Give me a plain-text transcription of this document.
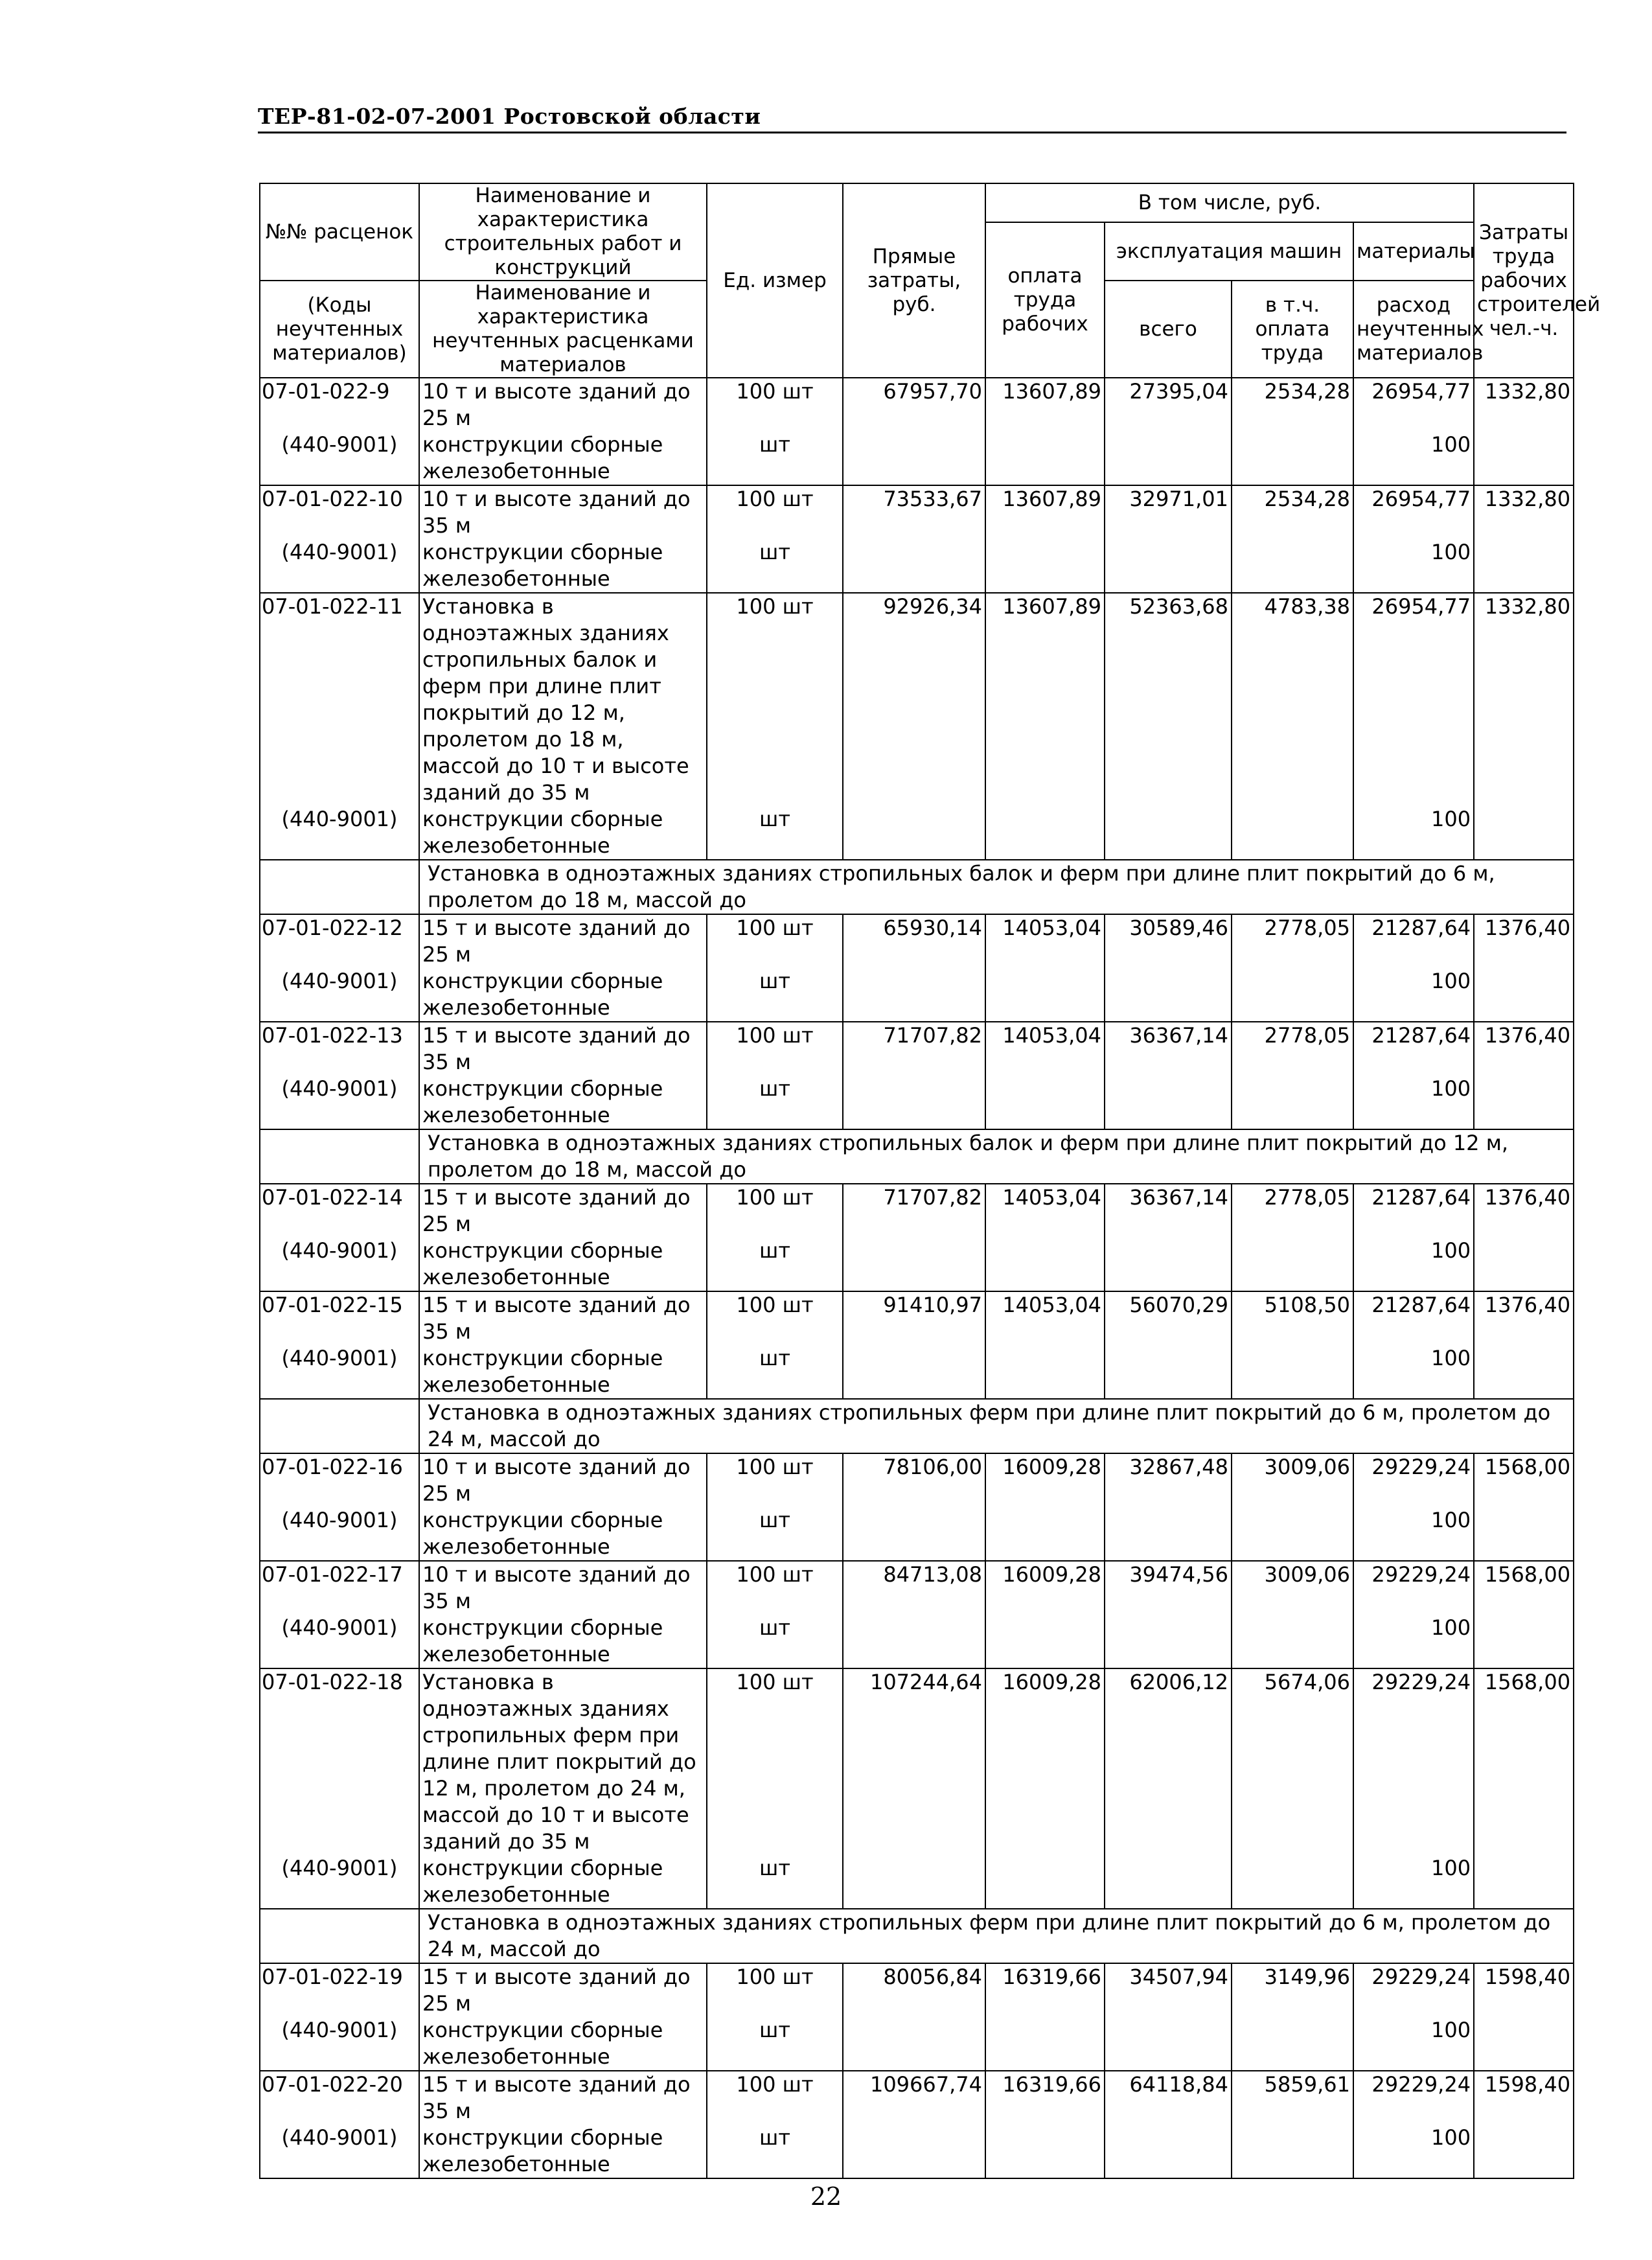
ТЕР-81-02-07-2001 Ростовской области
№№ расценок	Наименование и характеристика строительных работ и конструкций	Ед. измер	Прямые затраты, руб.	В том числе, руб.				Затраты труда рабочих строителей чел.-ч.
				оплата труда рабочих	эксплуатация машин		материалы	
(Коды неучтенных материалов)	Наименование и характеристика неучтенных расценками материалов				всего	в т.ч. оплата труда	расход неучтенных материалов	

07-01-022-9	10 т и высоте зданий до 25 м	100 шт	67957,70	13607,89	27395,04	2534,28	26954,77	1332,80
(440-9001)	конструкции сборные железобетонные	шт					100	
07-01-022-10	10 т и высоте зданий до 35 м	100 шт	73533,67	13607,89	32971,01	2534,28	26954,77	1332,80
(440-9001)	конструкции сборные железобетонные	шт					100	
07-01-022-11	Установка в одноэтажных зданиях стропильных балок и ферм при длине плит покрытий до 12 м, пролетом до 18 м, массой до 10 т и высоте зданий до 35 м	100 шт	92926,34	13607,89	52363,68	4783,38	26954,77	1332,80
(440-9001)	конструкции сборные железобетонные	шт					100	
	Установка в одноэтажных зданиях стропильных балок и ферм при длине плит покрытий до 6 м, пролетом до 18 м, массой до							
07-01-022-12	15 т и высоте зданий до 25 м	100 шт	65930,14	14053,04	30589,46	2778,05	21287,64	1376,40
(440-9001)	конструкции сборные железобетонные	шт					100	
07-01-022-13	15 т и высоте зданий до 35 м	100 шт	71707,82	14053,04	36367,14	2778,05	21287,64	1376,40
(440-9001)	конструкции сборные железобетонные	шт					100	
	Установка в одноэтажных зданиях стропильных балок и ферм при длине плит покрытий до 12 м, пролетом до 18 м, массой до							
07-01-022-14	15 т и высоте зданий до 25 м	100 шт	71707,82	14053,04	36367,14	2778,05	21287,64	1376,40
(440-9001)	конструкции сборные железобетонные	шт					100	
07-01-022-15	15 т и высоте зданий до 35 м	100 шт	91410,97	14053,04	56070,29	5108,50	21287,64	1376,40
(440-9001)	конструкции сборные железобетонные	шт					100	
	Установка в одноэтажных зданиях стропильных ферм при длине плит покрытий до 6 м, пролетом до 24 м, массой до							
07-01-022-16	10 т и высоте зданий до 25 м	100 шт	78106,00	16009,28	32867,48	3009,06	29229,24	1568,00
(440-9001)	конструкции сборные железобетонные	шт					100	
07-01-022-17	10 т и высоте зданий до 35 м	100 шт	84713,08	16009,28	39474,56	3009,06	29229,24	1568,00
(440-9001)	конструкции сборные железобетонные	шт					100	
07-01-022-18	Установка в одноэтажных зданиях стропильных ферм при длине плит покрытий до 12 м, пролетом до 24 м, массой до 10 т и высоте зданий до 35 м	100 шт	107244,64	16009,28	62006,12	5674,06	29229,24	1568,00
(440-9001)	конструкции сборные железобетонные	шт					100	
	Установка в одноэтажных зданиях стропильных ферм при длине плит покрытий до 6 м, пролетом до 24 м, массой до							
07-01-022-19	15 т и высоте зданий до 25 м	100 шт	80056,84	16319,66	34507,94	3149,96	29229,24	1598,40
(440-9001)	конструкции сборные железобетонные	шт					100	
07-01-022-20	15 т и высоте зданий до 35 м	100 шт	109667,74	16319,66	64118,84	5859,61	29229,24	1598,40
(440-9001)	конструкции сборные железобетонные	шт					100	
22
